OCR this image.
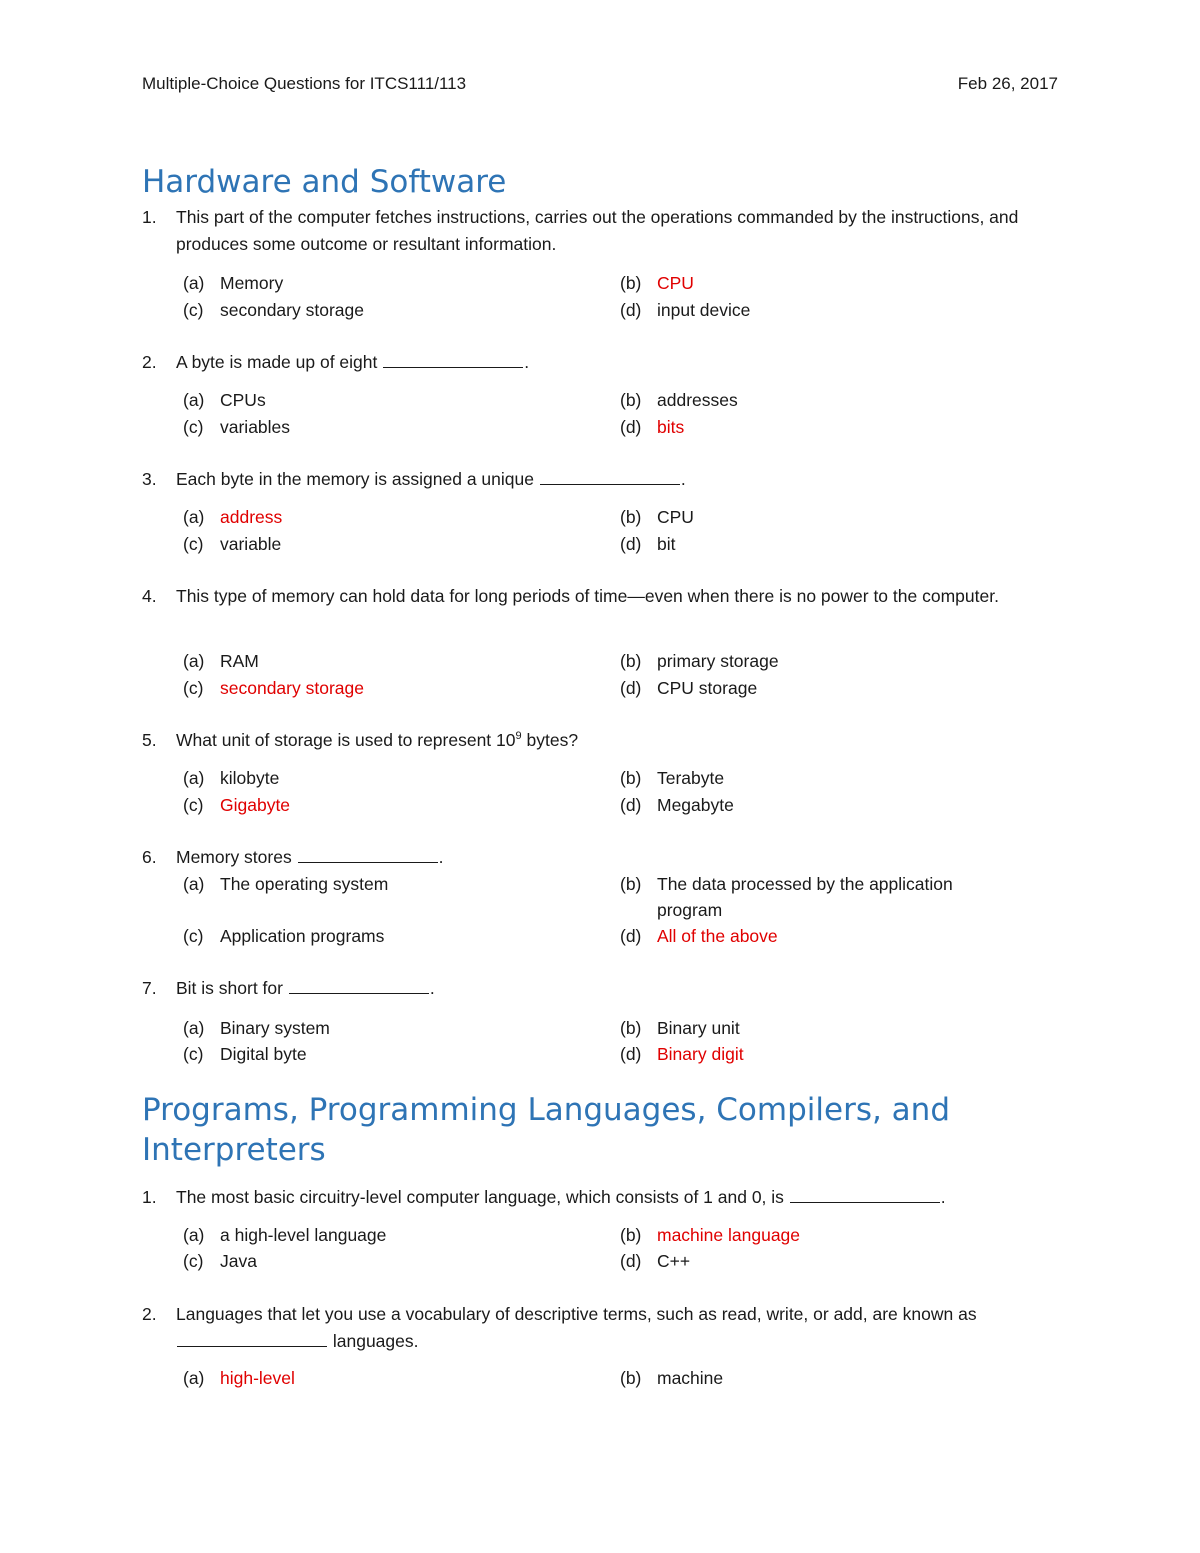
Multiple-Choice Questions for ITCS111/113	Feb 26, 2017
Hardware and Software
1.	This part of the computer fetches instructions, carries out the operations commanded by the instructions, and produces some outcome or resultant information.
(a) Memory	(b) CPU
(c) secondary storage	(d) input device
2.	A byte is made up of eight	.
(a) CPUs	(b) addresses
(c) variables	(d) bits
3.	Each byte in the memory is assigned a unique	.
(a) address	(b) CPU
(c) variable	(d) bit
4.	This type of memory can hold data for long periods of time—even when there is no power to the computer.
(a) RAM	(b) primary storage
(c) secondary storage	(d) CPU storage
5.	What unit of storage is used to represent $10^9$ bytes?
(a) kilobyte	(b) Terabyte
(c) Gigabyte	(d) Megabyte
6.	Memory stores	.
(a) The operating system	(b) The data processed by the application program
(c) Application programs	(d) All of the above
7.	Bit is short for	.
(a) Binary system	(b) Binary unit
(c) Digital byte	(d) Binary digit
Programs, Programming Languages, Compilers, and Interpreters
1.	The most basic circuitry-level computer language, which consists of 1 and 0, is	.
(a) a high-level language	(b) machine language
(c) Java	(d) C++
2.	Languages that let you use a vocabulary of descriptive terms, such as read, write, or add, are known as  languages.
(a) high-level	(b) machine
